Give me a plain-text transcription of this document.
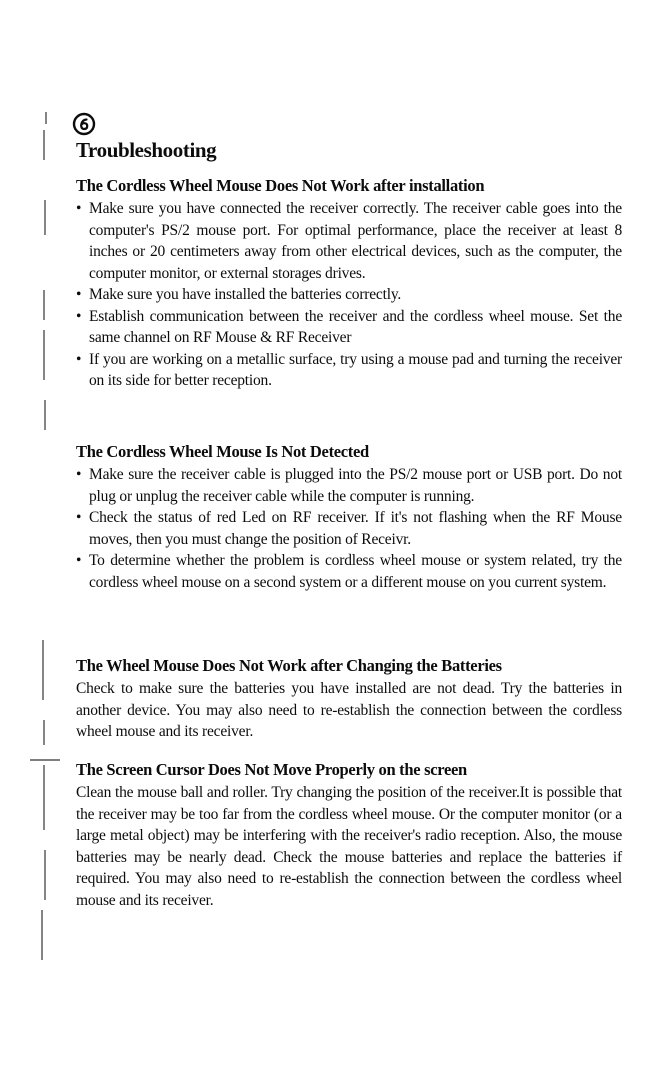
Troubleshooting
The Cordless Wheel Mouse Does Not Work after installation
• Make sure you have connected the receiver correctly. The receiver cable goes into the computer's PS/2 mouse port. For optimal performance, place the receiver at least 8 inches or 20 centimeters away from other electrical devices, such as the computer, the computer monitor, or external storages drives.
• Make sure you have installed the batteries correctly.
• Establish communication between the receiver and the cordless wheel mouse. Set the same channel on RF Mouse & RF Receiver
• If you are working on a metallic surface, try using a mouse pad and turning the receiver on its side for better reception.
The Cordless Wheel Mouse Is Not Detected
• Make sure the receiver cable is plugged into the PS/2 mouse port or USB port. Do not plug or unplug the receiver cable while the computer is running.
• Check the status of red Led on RF receiver. If it's not flashing when the RF Mouse moves, then you must change the position of Receivr.
• To determine whether the problem is cordless wheel mouse or system related, try the cordless wheel mouse on a second system or a different mouse on you current system.
The Wheel Mouse Does Not Work after Changing the Batteries

Check to make sure the batteries you have installed are not dead. Try the batteries in another device. You may also need to re-establish the connection between the cordless wheel mouse and its receiver.

The Screen Cursor Does Not Move Properly on the screen

Clean the mouse ball and roller. Try changing the position of the receiver.It is possible that the receiver may be too far from the cordless wheel mouse. Or the computer monitor (or a large metal object) may be interfering with the receiver's radio reception. Also, the mouse batteries may be nearly dead. Check the mouse batteries and replace the batteries if required. You may also need to re-establish the connection between the cordless wheel mouse and its receiver.
